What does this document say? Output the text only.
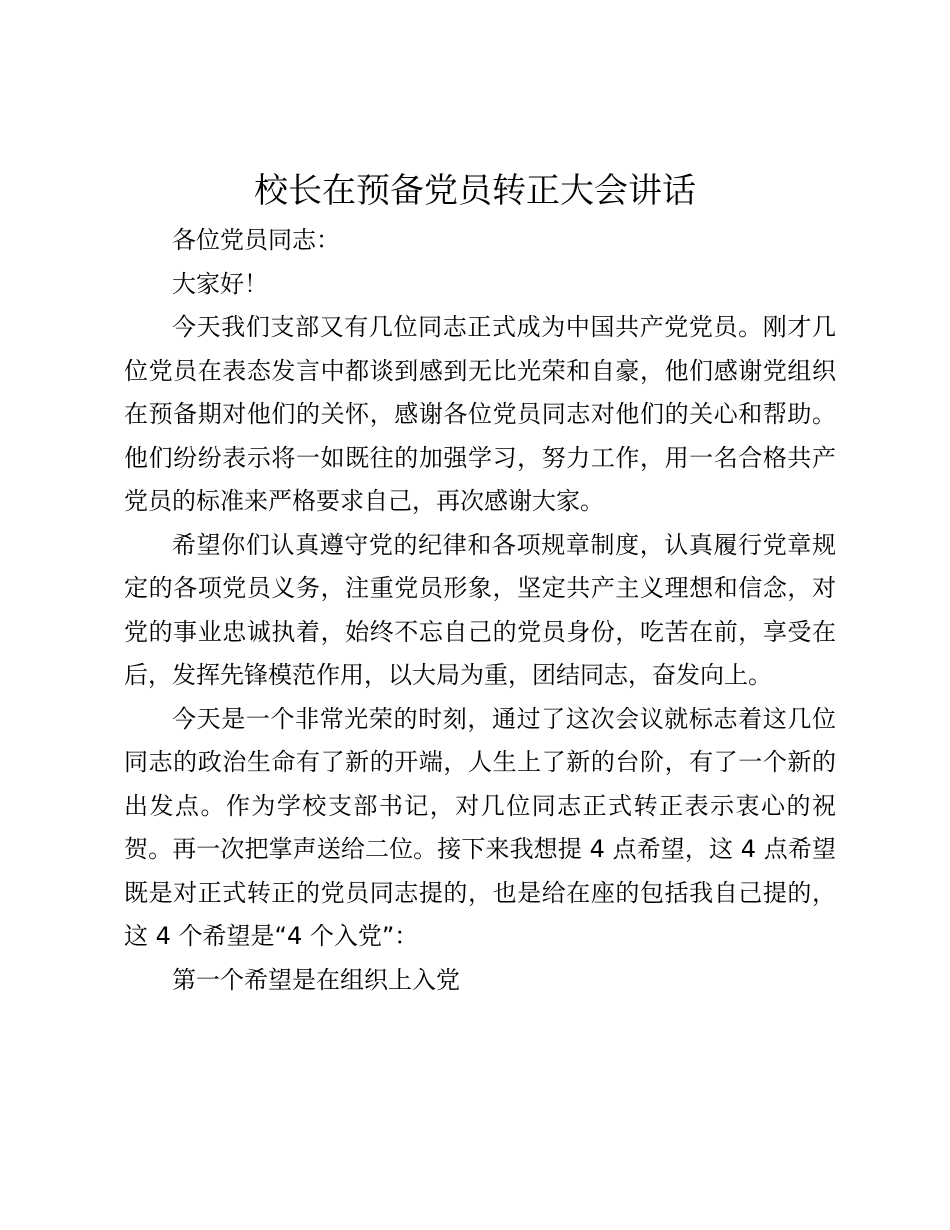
校长在预备党员转正大会讲话

各位党员同志：

大家好！

今天我们支部又有几位同志正式成为中国共产党党员。刚才几位党员在表态发言中都谈到感到无比光荣和自豪，他们感谢党组织在预备期对他们的关怀，感谢各位党员同志对他们的关心和帮助。他们纷纷表示将一如既往的加强学习，努力工作，用一名合格共产党员的标准来严格要求自己，再次感谢大家。

希望你们认真遵守党的纪律和各项规章制度，认真履行党章规定的各项党员义务，注重党员形象，坚定共产主义理想和信念，对党的事业忠诚执着，始终不忘自己的党员身份，吃苦在前，享受在后，发挥先锋模范作用，以大局为重，团结同志，奋发向上。

今天是一个非常光荣的时刻，通过了这次会议就标志着这几位同志的政治生命有了新的开端，人生上了新的台阶，有了一个新的出发点。作为学校支部书记，对几位同志正式转正表示衷心的祝贺。再一次把掌声送给二位。接下来我想提 4 点希望，这 4 点希望既是对正式转正的党员同志提的，也是给在座的包括我自己提的，这 4 个希望是“4 个入党”：

第一个希望是在组织上入党
